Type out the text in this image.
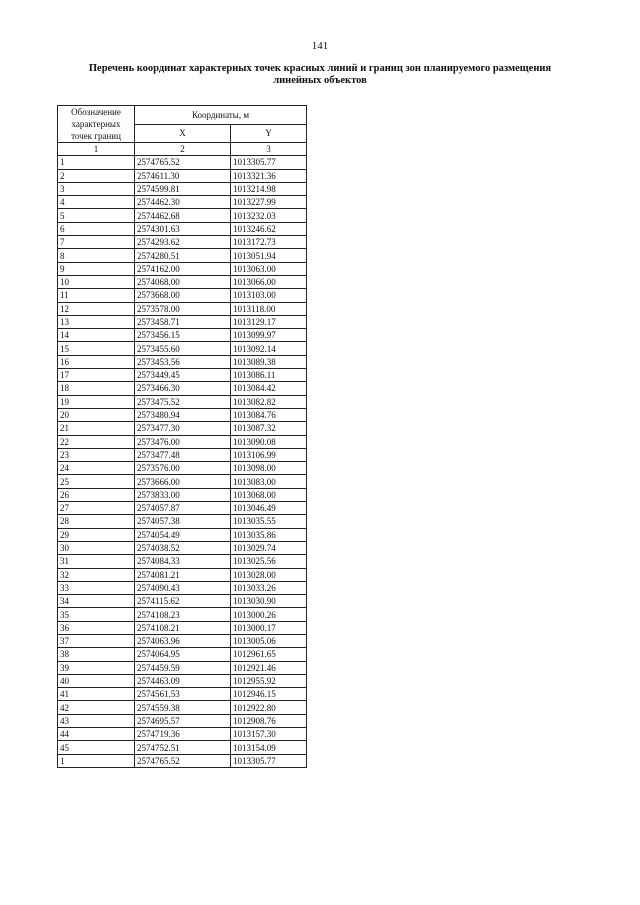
141
Перечень координат характерных точек красных линий и границ зон планируемого размещения
линейных объектов
Обозначение характерных точек границ	Координаты, м	
	X	Y
1	2	3
1	2574765.52	1013305.77
2	2574611.30	1013321.36
3	2574599.81	1013214.98
4	2574462.30	1013227.99
5	2574462.68	1013232.03
6	2574301.63	1013246.62
7	2574293.62	1013172.73
8	2574280.51	1013051.94
9	2574162.00	1013063.00
10	2574068.00	1013066.00
11	2573668.00	1013103.00
12	2573578.00	1013118.00
13	2573458.71	1013129.17
14	2573456.15	1013099.97
15	2573455.60	1013092.14
16	2573453.56	1013089.38
17	2573449.45	1013086.11
18	2573466.30	1013084.42
19	2573475.52	1013082.82
20	2573480.94	1013084.76
21	2573477.30	1013087.32
22	2573476.00	1013090.08
23	2573477.48	1013106.99
24	2573576.00	1013098.00
25	2573666.00	1013083.00
26	2573833.00	1013068.00
27	2574057.87	1013046.49
28	2574057.38	1013035.55
29	2574054.49	1013035.86
30	2574038.52	1013029.74
31	2574084.33	1013025.56
32	2574081.21	1013028.00
33	2574090.43	1013033.26
34	2574115.62	1013030.90
35	2574108.23	1013000.26
36	2574108.21	1013000.17
37	2574063.96	1013005.06
38	2574064.95	1012961.65
39	2574459.59	1012921.46
40	2574463.09	1012955.92
41	2574561.53	1012946.15
42	2574559.38	1012922.80
43	2574695.57	1012908.76
44	2574719.36	1013157.30
45	2574752.51	1013154.09
1	2574765.52	1013305.77
